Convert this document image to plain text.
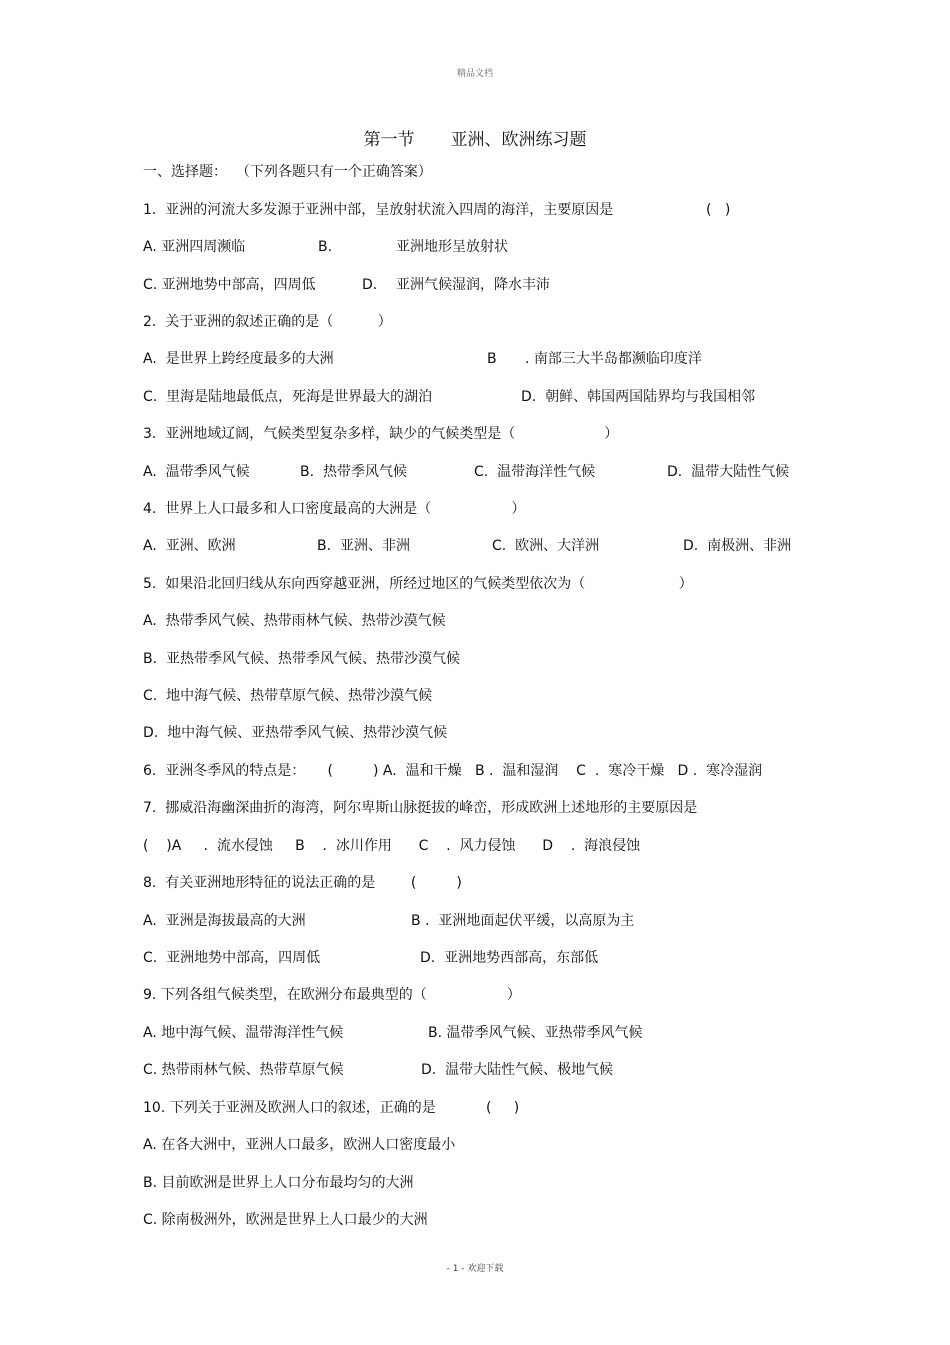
精品文档
第一节 亚洲、欧洲练习题
一、选择题：  （下列各题只有一个正确答案）
1.  亚洲的河流大多发源于亚洲中部，呈放射状流入四周的海洋，主要原因是	(   )
A. 亚洲四周濒临	B.	亚洲地形呈放射状
C. 亚洲地势中部高，四周低	D. 亚洲气候湿润，降水丰沛
2.  关于亚洲的叙述正确的是（          ）
A.  是世界上跨经度最多的大洲	B . 南部三大半岛都濒临印度洋
C.  里海是陆地最低点，死海是世界最大的湖泊	D.  朝鲜、韩国两国陆界均与我国相邻
3.  亚洲地域辽阔，气候类型复杂多样，缺少的气候类型是（                    ）
A.  温带季风气候	B.  热带季风气候	C.  温带海洋性气候	D.  温带大陆性气候
4.  世界上人口最多和人口密度最高的大洲是（                  ）
A.  亚洲、欧洲	B.  亚洲、非洲	C.  欧洲、大洋洲	D.  南极洲、非洲
5.  如果沿北回归线从东向西穿越亚洲，所经过地区的气候类型依次为（                     ）
A.  热带季风气候、热带雨林气候、热带沙漠气候
B.  亚热带季风气候、热带季风气候、热带沙漠气候
C.  地中海气候、热带草原气候、热带沙漠气候
D.  地中海气候、亚热带季风气候、热带沙漠气候
6.  亚洲冬季风的特点是：     (         ) A.  温和干燥   B .  温和湿润    C  .  寒冷干燥   D .  寒冷湿润
7.  挪威沿海幽深曲折的海湾，阿尔卑斯山脉挺拔的峰峦，形成欧洲上述地形的主要原因是
(    )A     .  流水侵蚀     B    .  冰川作用      C    .  风力侵蚀      D    .  海浪侵蚀
8.  有关亚洲地形特征的说法正确的是        (         )
A.  亚洲是海拔最高的大洲	B .  亚洲地面起伏平缓，以高原为主
C.  亚洲地势中部高，四周低	D.  亚洲地势西部高，东部低
9. 下列各组气候类型，在欧洲分布最典型的（                  ）
A. 地中海气候、温带海洋性气候	B. 温带季风气候、亚热带季风气候
C. 热带雨林气候、热带草原气候	D.  温带大陆性气候、极地气候
10. 下列关于亚洲及欧洲人口的叙述，正确的是	(     )
A. 在各大洲中，亚洲人口最多，欧洲人口密度最小
B. 目前欧洲是世界上人口分布最均匀的大洲
C. 除南极洲外，欧洲是世界上人口最少的大洲
- 1 - 欢迎下载
